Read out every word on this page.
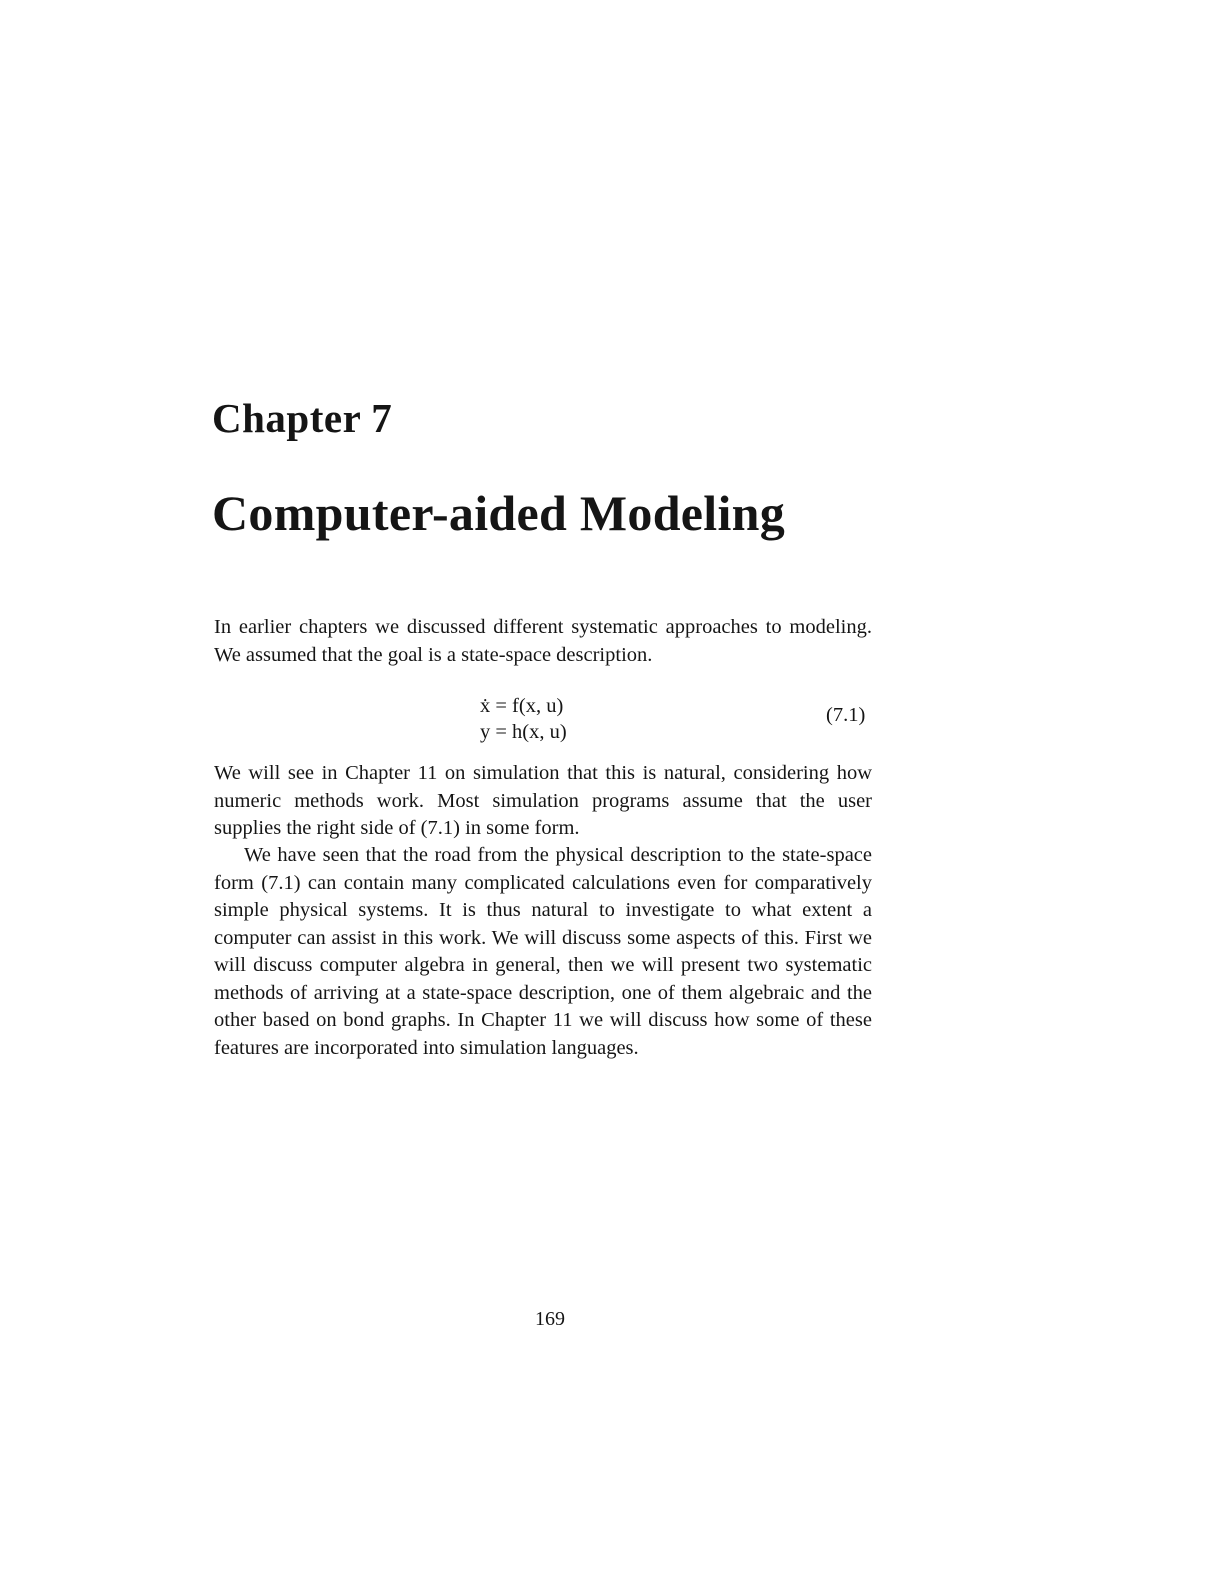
Chapter 7
Computer-aided Modeling

In earlier chapters we discussed different systematic approaches to modeling. We assumed that the goal is a state-space description.

ẋ = f(x, u)
y = h(x, u)
(7.1)

We will see in Chapter 11 on simulation that this is natural, considering how numeric methods work. Most simulation programs assume that the user supplies the right side of (7.1) in some form.

We have seen that the road from the physical description to the state-space form (7.1) can contain many complicated calculations even for comparatively simple physical systems. It is thus natural to investigate to what extent a computer can assist in this work. We will discuss some aspects of this. First we will discuss computer algebra in general, then we will present two systematic methods of arriving at a state-space description, one of them algebraic and the other based on bond graphs. In Chapter 11 we will discuss how some of these features are incorporated into simulation languages.

169
